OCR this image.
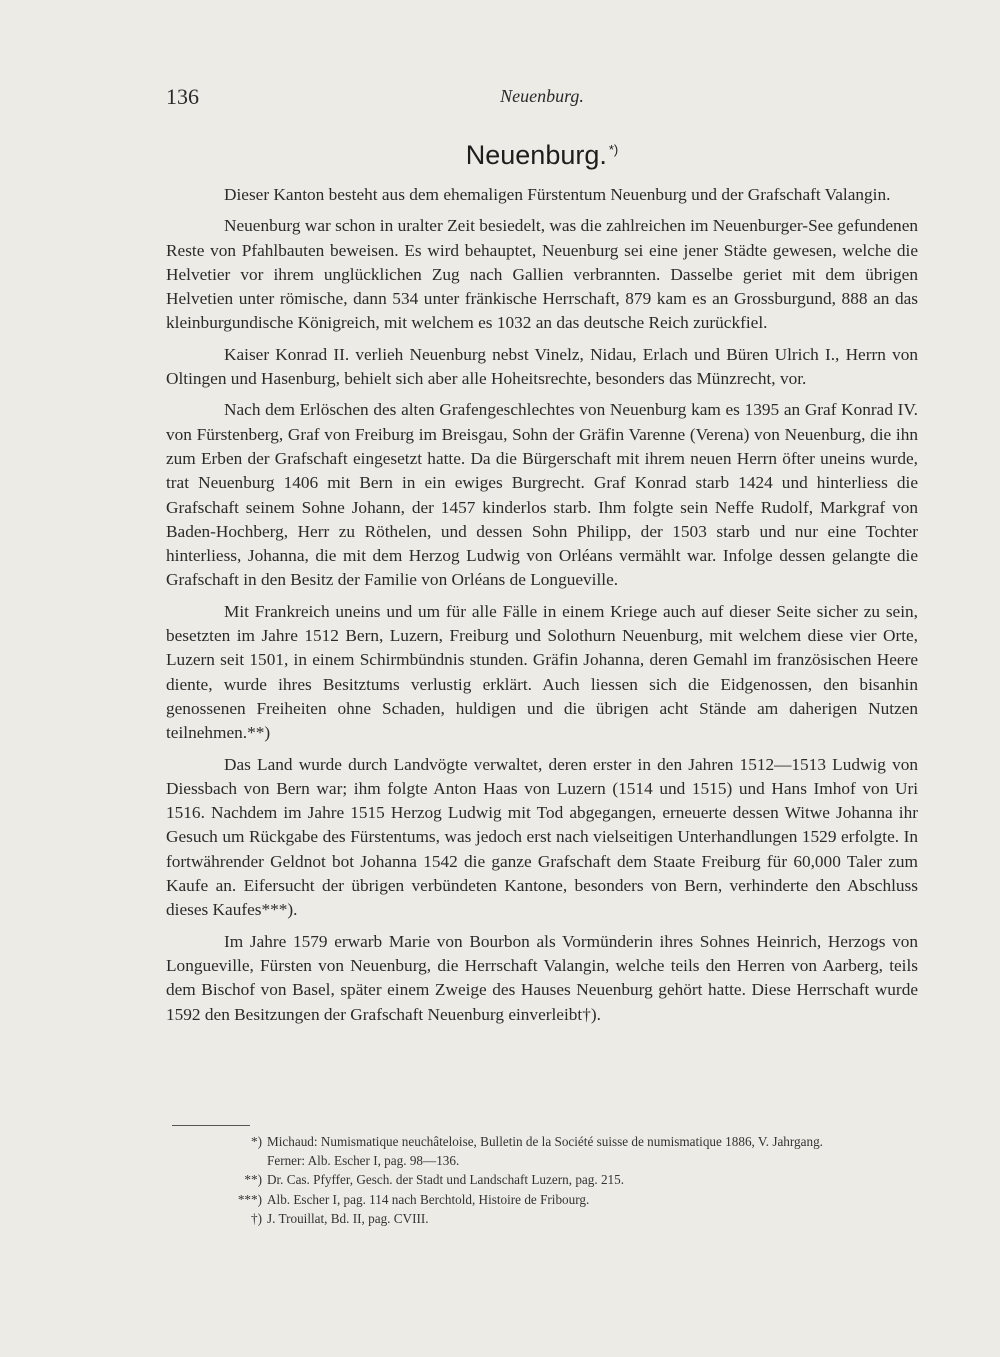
136	Neuenburg.
Neuenburg. *)

Dieser Kanton besteht aus dem ehemaligen Fürstentum Neuenburg und der Grafschaft Valangin.

Neuenburg war schon in uralter Zeit besiedelt, was die zahlreichen im Neuenburger-See gefundenen Reste von Pfahlbauten beweisen. Es wird behauptet, Neuenburg sei eine jener Städte gewesen, welche die Helvetier vor ihrem unglücklichen Zug nach Gallien verbrannten. Dasselbe geriet mit dem übrigen Helvetien unter römische, dann 534 unter fränkische Herrschaft, 879 kam es an Grossburgund, 888 an das kleinburgundische Königreich, mit welchem es 1032 an das deutsche Reich zurückfiel.

Kaiser Konrad II. verlieh Neuenburg nebst Vinelz, Nidau, Erlach und Büren Ulrich I., Herrn von Oltingen und Hasenburg, behielt sich aber alle Hoheitsrechte, besonders das Münzrecht, vor.

Nach dem Erlöschen des alten Grafengeschlechtes von Neuenburg kam es 1395 an Graf Konrad IV. von Fürstenberg, Graf von Freiburg im Breisgau, Sohn der Gräfin Varenne (Verena) von Neuenburg, die ihn zum Erben der Grafschaft eingesetzt hatte. Da die Bürgerschaft mit ihrem neuen Herrn öfter uneins wurde, trat Neuenburg 1406 mit Bern in ein ewiges Burgrecht. Graf Konrad starb 1424 und hinterliess die Grafschaft seinem Sohne Johann, der 1457 kinderlos starb. Ihm folgte sein Neffe Rudolf, Markgraf von Baden-Hochberg, Herr zu Röthelen, und dessen Sohn Philipp, der 1503 starb und nur eine Tochter hinterliess, Johanna, die mit dem Herzog Ludwig von Orléans vermählt war. Infolge dessen gelangte die Grafschaft in den Besitz der Familie von Orléans de Longueville.

Mit Frankreich uneins und um für alle Fälle in einem Kriege auch auf dieser Seite sicher zu sein, besetzten im Jahre 1512 Bern, Luzern, Freiburg und Solothurn Neuenburg, mit welchem diese vier Orte, Luzern seit 1501, in einem Schirmbündnis stunden. Gräfin Johanna, deren Gemahl im französischen Heere diente, wurde ihres Besitztums verlustig erklärt. Auch liessen sich die Eidgenossen, den bisanhin genossenen Freiheiten ohne Schaden, huldigen und die übrigen acht Stände am daherigen Nutzen teilnehmen.**)

Das Land wurde durch Landvögte verwaltet, deren erster in den Jahren 1512—1513 Ludwig von Diessbach von Bern war; ihm folgte Anton Haas von Luzern (1514 und 1515) und Hans Imhof von Uri 1516. Nachdem im Jahre 1515 Herzog Ludwig mit Tod abgegangen, erneuerte dessen Witwe Johanna ihr Gesuch um Rückgabe des Fürstentums, was jedoch erst nach vielseitigen Unterhandlungen 1529 erfolgte. In fortwährender Geldnot bot Johanna 1542 die ganze Grafschaft dem Staate Freiburg für 60,000 Taler zum Kaufe an. Eifersucht der übrigen verbündeten Kantone, besonders von Bern, verhinderte den Abschluss dieses Kaufes***).

Im Jahre 1579 erwarb Marie von Bourbon als Vormünderin ihres Sohnes Heinrich, Herzogs von Longueville, Fürsten von Neuenburg, die Herrschaft Valangin, welche teils den Herren von Aarberg, teils dem Bischof von Basel, später einem Zweige des Hauses Neuenburg gehört hatte. Diese Herrschaft wurde 1592 den Besitzungen der Grafschaft Neuenburg einverleibt†).

*) Michaud: Numismatique neuchâteloise, Bulletin de la Société suisse de numismatique 1886, V. Jahrgang.
Ferner: Alb. Escher I, pag. 98—136.
**) Dr. Cas. Pfyffer, Gesch. der Stadt und Landschaft Luzern, pag. 215.
***) Alb. Escher I, pag. 114 nach Berchtold, Histoire de Fribourg.
†) J. Trouillat, Bd. II, pag. CVIII.
